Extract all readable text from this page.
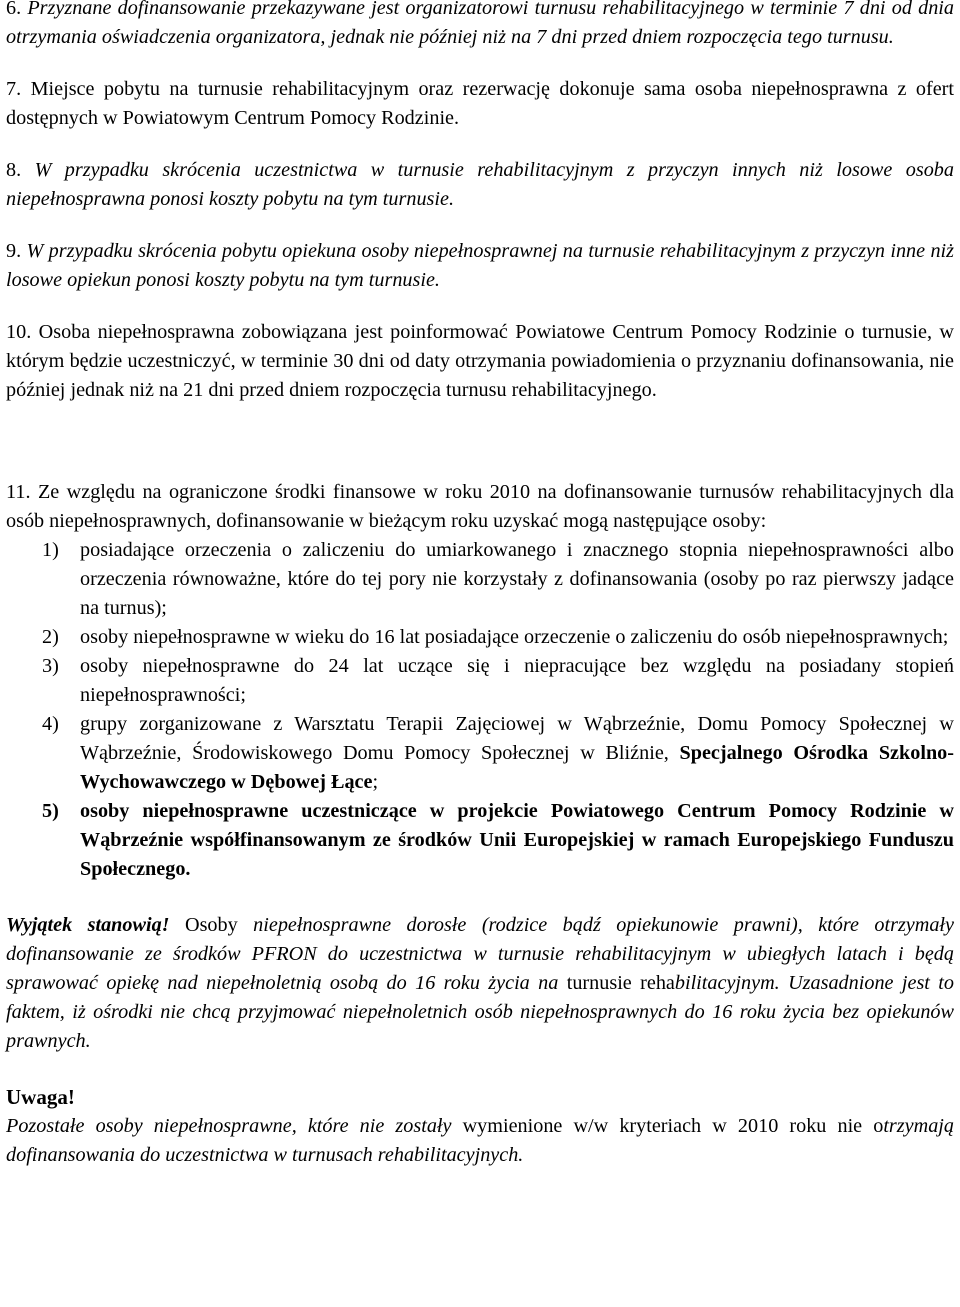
6. Przyznane dofinansowanie przekazywane jest organizatorowi turnusu rehabilitacyjnego w terminie 7 dni od dnia otrzymania oświadczenia organizatora, jednak nie później niż na 7 dni przed dniem rozpoczęcia tego turnusu.

7. Miejsce pobytu na turnusie rehabilitacyjnym oraz rezerwację dokonuje sama osoba niepełnosprawna z ofert dostępnych w Powiatowym Centrum Pomocy Rodzinie.

8. W przypadku skrócenia uczestnictwa w turnusie rehabilitacyjnym z przyczyn innych niż losowe osoba niepełnosprawna ponosi koszty pobytu na tym turnusie.

9. W przypadku skrócenia pobytu opiekuna osoby niepełnosprawnej na turnusie rehabilitacyjnym z przyczyn inne niż losowe opiekun ponosi koszty pobytu na tym turnusie.

10. Osoba niepełnosprawna zobowiązana jest poinformować Powiatowe Centrum Pomocy Rodzinie o turnusie, w którym będzie uczestniczyć, w terminie 30 dni od daty otrzymania powiadomienia o przyznaniu dofinansowania, nie później jednak niż na 21 dni przed dniem rozpoczęcia turnusu rehabilitacyjnego.

11. Ze względu na ograniczone środki finansowe w roku 2010 na dofinansowanie turnusów rehabilitacyjnych dla osób niepełnosprawnych, dofinansowanie w bieżącym roku uzyskać mogą następujące osoby:

1) posiadające orzeczenia o zaliczeniu do umiarkowanego i znacznego stopnia niepełnosprawności albo orzeczenia równoważne, które do tej pory nie korzystały z dofinansowania (osoby po raz pierwszy jadące na turnus);
2) osoby niepełnosprawne w wieku do 16 lat posiadające orzeczenie o zaliczeniu do osób niepełnosprawnych;
3) osoby niepełnosprawne do 24 lat uczące się i niepracujące bez względu na posiadany stopień niepełnosprawności;
4) grupy zorganizowane z Warsztatu Terapii Zajęciowej w Wąbrzeźnie, Domu Pomocy Społecznej w Wąbrzeźnie, Środowiskowego Domu Pomocy Społecznej w Bliźnie, Specjalnego Ośrodka Szkolno-Wychowawczego w Dębowej Łące;
5) osoby niepełnosprawne uczestniczące w projekcie Powiatowego Centrum Pomocy Rodzinie w Wąbrzeźnie współfinansowanym ze środków Unii Europejskiej w ramach Europejskiego Funduszu Społecznego.

Wyjątek stanowią! Osoby niepełnosprawne dorosłe (rodzice bądź opiekunowie prawni), które otrzymały dofinansowanie ze środków PFRON do uczestnictwa w turnusie rehabilitacyjnym w ubiegłych latach i będą sprawować opiekę nad niepełnoletnią osobą do 16 roku życia na turnusie rehabilitacyjnym. Uzasadnione jest to faktem, iż ośrodki nie chcą przyjmować niepełnoletnich osób niepełnosprawnych do 16 roku życia bez opiekunów prawnych.

Uwaga!

Pozostałe osoby niepełnosprawne, które nie zostały wymienione w/w kryteriach w 2010 roku nie otrzymają dofinansowania do uczestnictwa w turnusach rehabilitacyjnych.
